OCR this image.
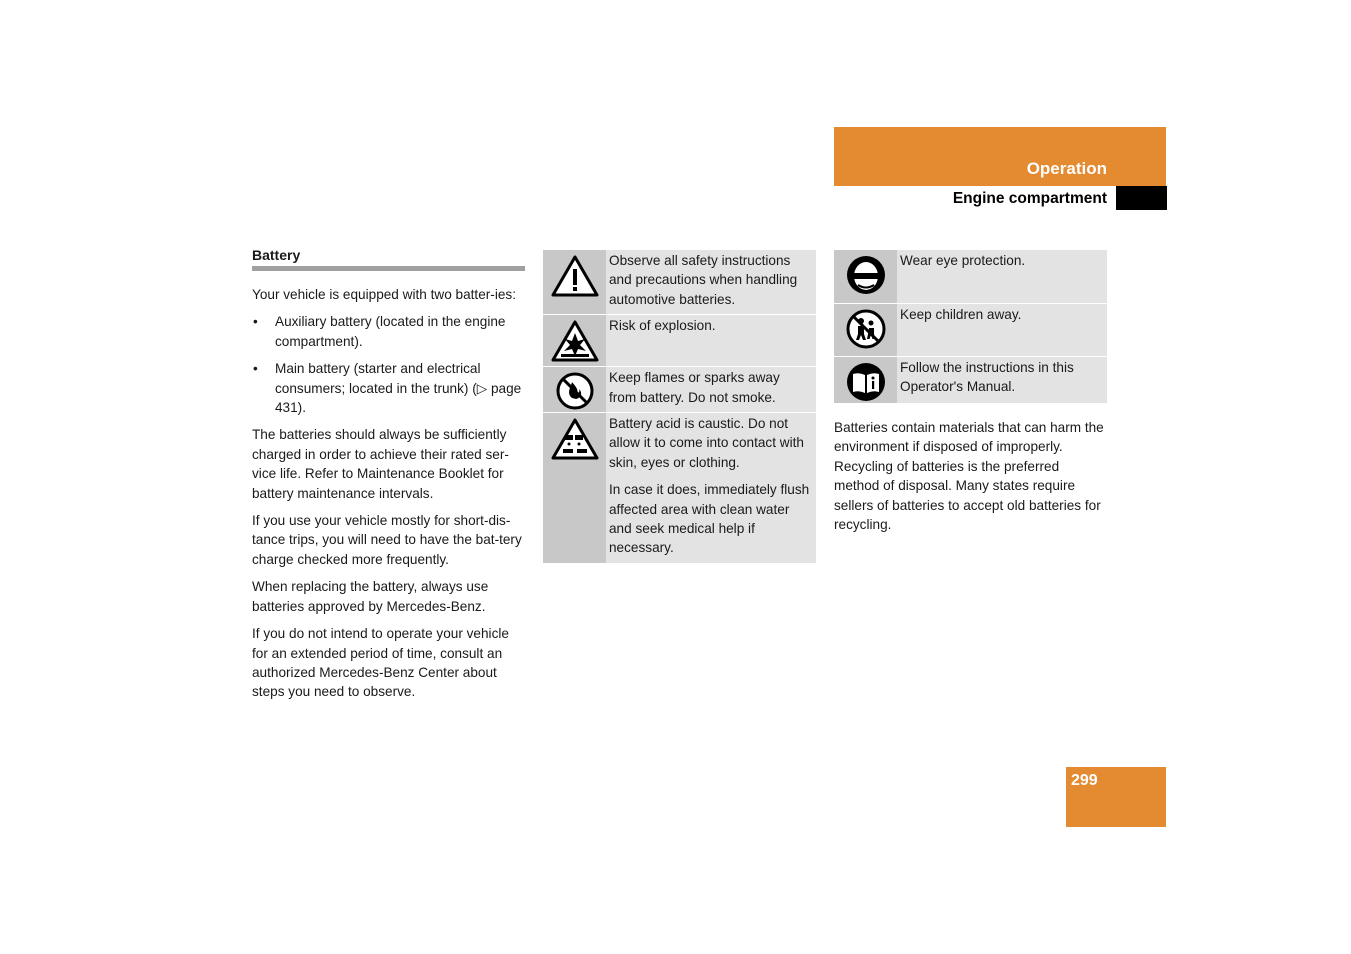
Operation
Engine compartment
Battery

Your vehicle is equipped with two batter-ies:

• Auxiliary battery (located in the engine compartment).
• Main battery (starter and electrical consumers; located in the trunk) (▷ page 431).

The batteries should always be sufficiently charged in order to achieve their rated ser-vice life. Refer to Maintenance Booklet for battery maintenance intervals.

If you use your vehicle mostly for short-dis-tance trips, you will need to have the bat-tery charge checked more frequently.

When replacing the battery, always use batteries approved by Mercedes-Benz.

If you do not intend to operate your vehicle for an extended period of time, consult an authorized Mercedes-Benz Center about steps you need to observe.

Observe all safety instructions and precautions when handling automotive batteries.

Risk of explosion.

Keep flames or sparks away from battery. Do not smoke.

Battery acid is caustic. Do not allow it to come into contact with skin, eyes or clothing.

In case it does, immediately flush affected area with clean water and seek medical help if necessary.

Wear eye protection.

Keep children away.

Follow the instructions in this Operator's Manual.

Batteries contain materials that can harm the environment if disposed of improperly. Recycling of batteries is the preferred method of disposal. Many states require sellers of batteries to accept old batteries for recycling.

299
